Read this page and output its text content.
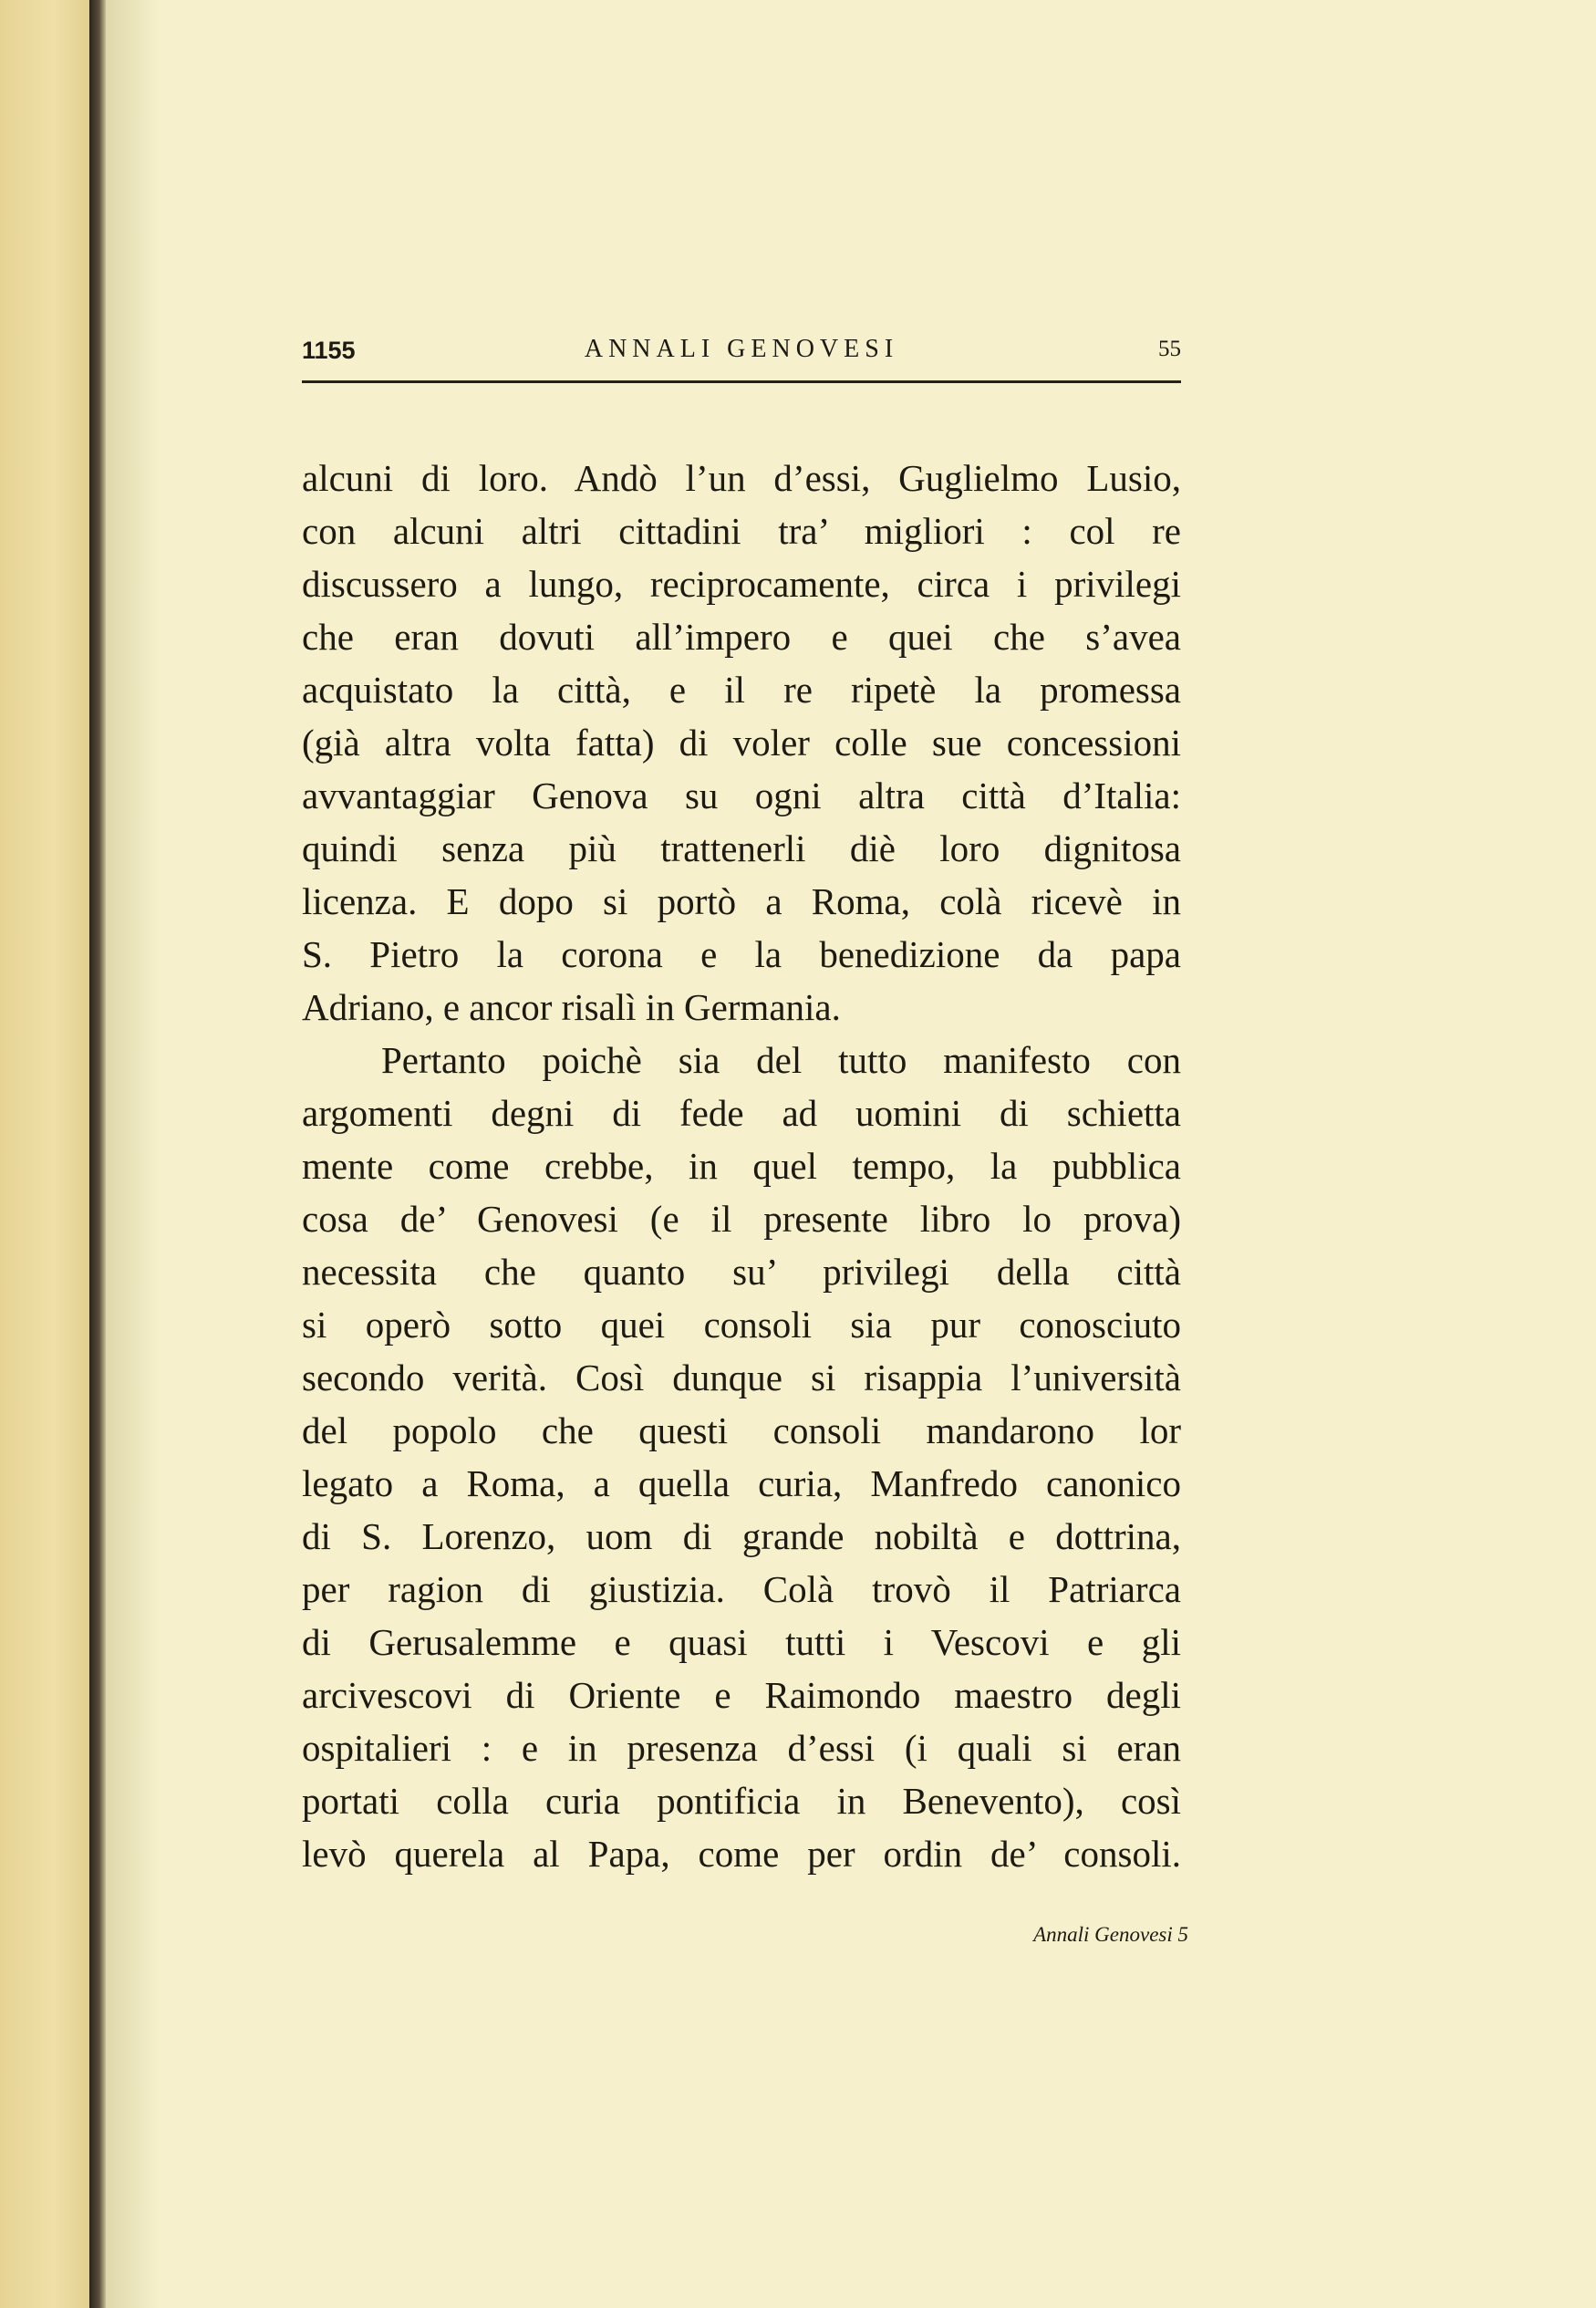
1155	ANNALI GENOVESI	55
alcuni di loro. Andò l’un d’essi, Guglielmo Lusio,
con alcuni altri cittadini tra’ migliori : col re
discussero a lungo, reciprocamente, circa i privilegi
che eran dovuti all’impero e quei che s’avea
acquistato la città, e il re ripetè la promessa
(già altra volta fatta) di voler colle sue concessioni
avvantaggiar Genova su ogni altra città d’Italia:
quindi senza più trattenerli diè loro dignitosa
licenza. E dopo si portò a Roma, colà ricevè in
S. Pietro la corona e la benedizione da papa
Adriano, e ancor risalì in Germania.
Pertanto poichè sia del tutto manifesto con
argomenti degni di fede ad uomini di schietta
mente come crebbe, in quel tempo, la pubblica
cosa de’ Genovesi (e il presente libro lo prova)
necessita che quanto su’ privilegi della città
si operò sotto quei consoli sia pur conosciuto
secondo verità. Così dunque si risappia l’università
del popolo che questi consoli mandarono lor
legato a Roma, a quella curia, Manfredo canonico
di S. Lorenzo, uom di grande nobiltà e dottrina,
per ragion di giustizia. Colà trovò il Patriarca
di Gerusalemme e quasi tutti i Vescovi e gli
arcivescovi di Oriente e Raimondo maestro degli
ospitalieri : e in presenza d’essi (i quali si eran
portati colla curia pontificia in Benevento), così
levò querela al Papa, come per ordin de’ consoli.
Annali Genovesi 5
